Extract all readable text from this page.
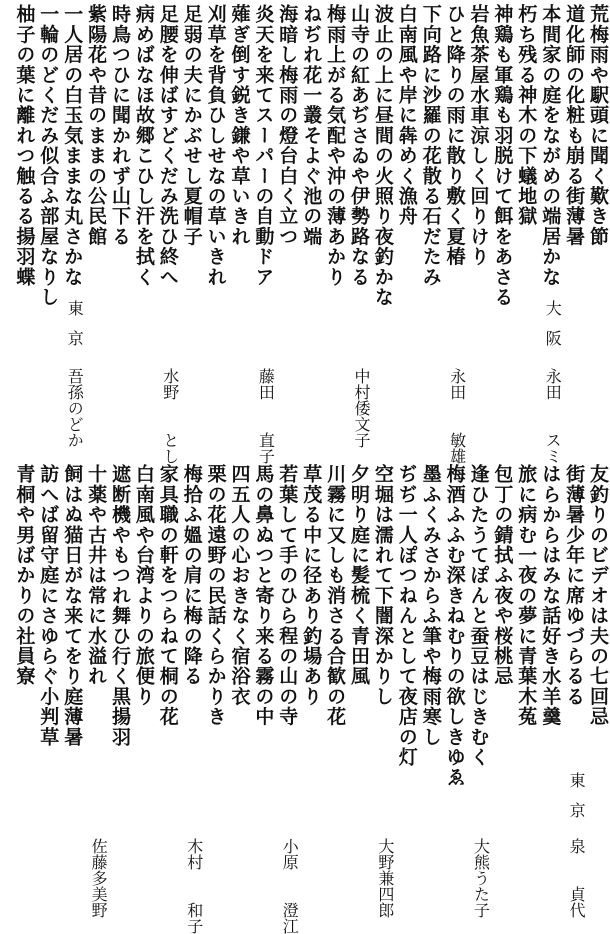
荒梅雨や駅頭に聞く歎き節
道化師の化粧も崩る街薄暑
本間家の庭をながめの端居かな
大阪
永田　　スミ
朽ち残る神木の下蟻地獄
神鶏も軍鶏も羽脱けて餌をあさる
岩魚茶屋水車涼しく回りけり
ひと降りの雨に散り敷く夏椿
永田　　敏雄
下向路に沙羅の花散る石だたみ
白南風や岸に犇めく漁舟
波止の上に昼間の火照り夜釣かな
山寺の紅あぢさゐや伊勢路なる
中村倭文子
梅雨上がる気配や沖の薄あかり
ねぢれ花一叢そよぐ池の端
海暗し梅雨の燈台白く立つ
炎天を来てスーパーの自動ドア
藤田　　直子
薙ぎ倒す鋭き鎌や草いきれ
刈草を背負ひしせなの草いきれ
足弱の夫にかぶせし夏帽子
足腰を伸ばすどくだみ洗ひ終へ
水野　　とし
病めばなほ故郷こひし汗を拭く
時鳥つひに聞かれず山下る
紫陽花や昔のままの公民館
一人居の白玉気ままな丸さかな
東京
吾孫のどか
一輪のどくだみ似合ふ部屋なりし
柚子の葉に離れつ触るる揚羽蝶
友釣りのビデオは夫の七回忌
街薄暑少年に席ゆづらるる
東京
泉　　貞代
はらからはみな話好き水羊羹
旅に病む一夜の夢に青葉木菟
包丁の錆拭ふ夜や桜桃忌
逢ひたうてぽんと蚕豆はじきむく
大熊うた子
梅酒ふふむ深きねむりの欲しきゆゑ
墨ふくみさからふ筆や梅雨寒し
ぢぢ一人ぽつねんとして夜店の灯
空堀は濡れて下闇深かりし
大野兼四郎
夕明り庭に髪梳く青田風
川霧に又しも消さる合歓の花
草茂る中に径あり釣場あり
若葉して手のひら程の山の寺
小原　　澄江
馬の鼻ぬつと寄り来る霧の中
四五人の心おきなく宿浴衣
栗の花遠野の民話くらかりき
梅拾ふ媼の肩に梅の降る
木村　　和子
家具職の軒をつらねて桐の花
白南風や台湾よりの旅便り
遮断機やもつれ舞ひ行く黒揚羽
十薬や古井は常に水溢れ
佐藤多美野
飼はぬ猫日がな来てをり庭薄暑
訪へば留守庭にさゆらぐ小判草
青桐や男ばかりの社員寮
